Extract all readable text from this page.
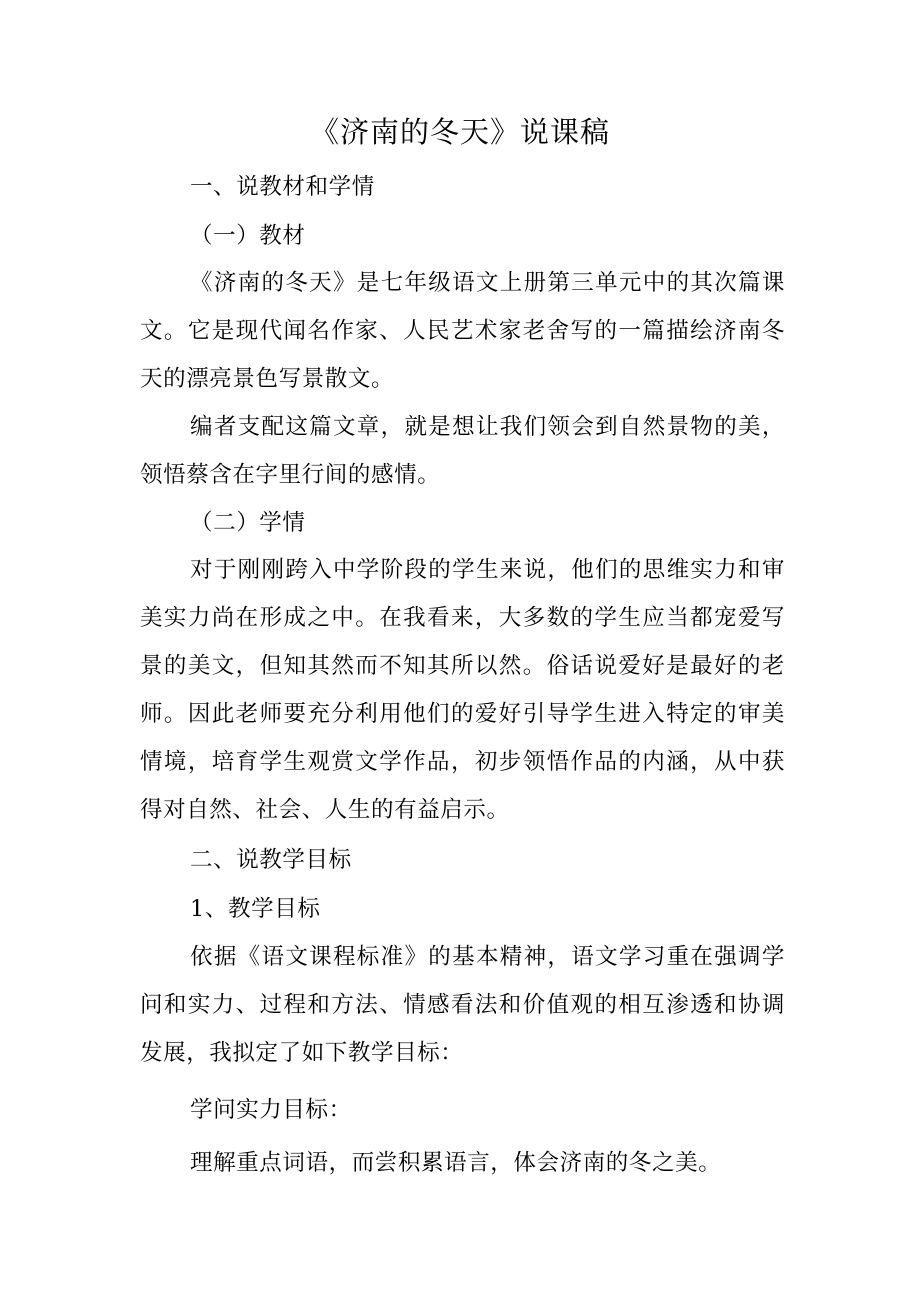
《济南的冬天》说课稿
一、说教材和学情
（一）教材
《济南的冬天》是七年级语文上册第三单元中的其次篇课文。它是现代闻名作家、人民艺术家老舍写的一篇描绘济南冬天的漂亮景色写景散文。
编者支配这篇文章，就是想让我们领会到自然景物的美，领悟蔡含在字里行间的感情。
（二）学情
对于刚刚跨入中学阶段的学生来说，他们的思维实力和审美实力尚在形成之中。在我看来，大多数的学生应当都宠爱写景的美文，但知其然而不知其所以然。俗话说爱好是最好的老师。因此老师要充分利用他们的爱好引导学生进入特定的审美情境，培育学生观赏文学作品，初步领悟作品的内涵，从中获得对自然、社会、人生的有益启示。
二、说教学目标
1、教学目标
依据《语文课程标准》的基本精神，语文学习重在强调学问和实力、过程和方法、情感看法和价值观的相互渗透和协调发展，我拟定了如下教学目标：
学问实力目标：
理解重点词语，而尝积累语言，体会济南的冬之美。
